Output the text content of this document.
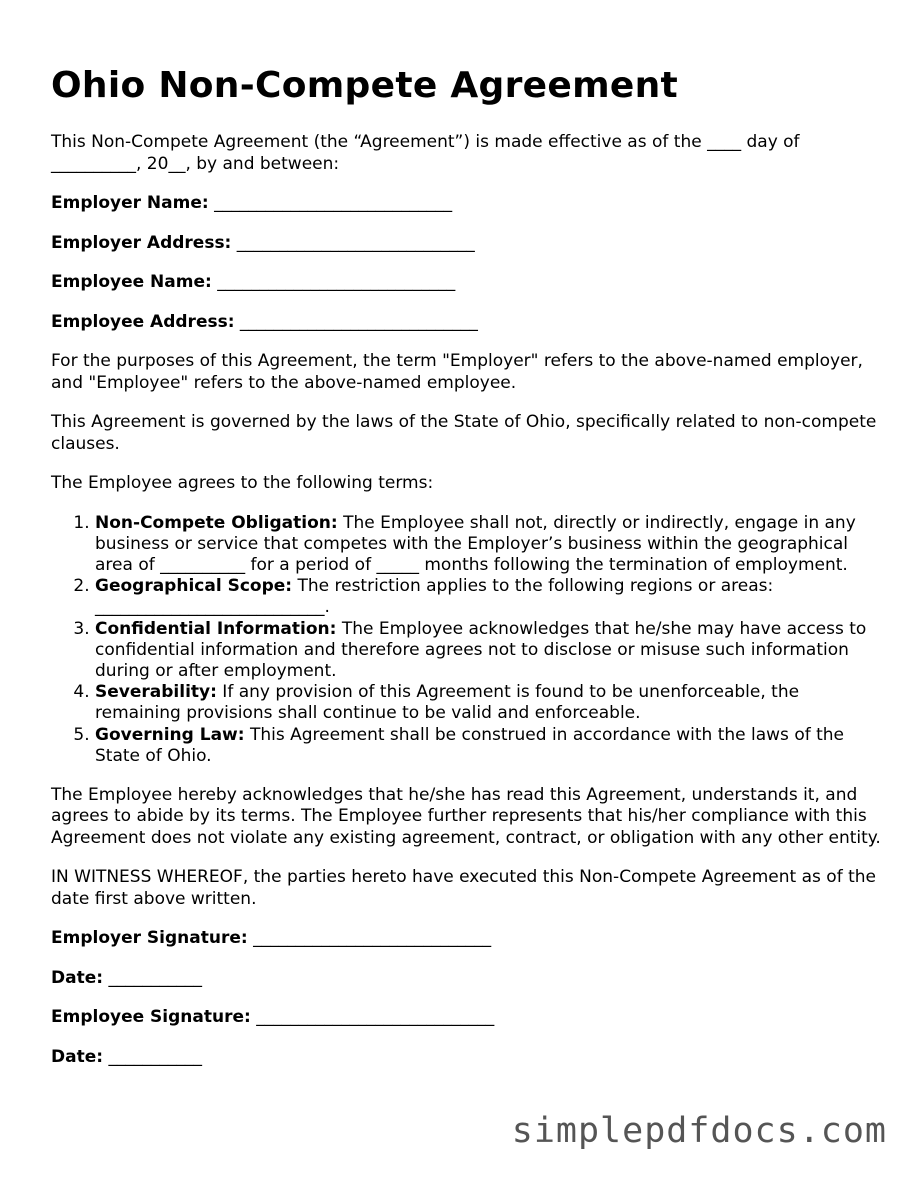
Ohio Non-Compete Agreement

This Non-Compete Agreement (the “Agreement”) is made effective as of the ____ day of __________, 20__, by and between:

Employer Name: ____________________________
Employer Address: ____________________________
Employee Name: ____________________________
Employee Address: ____________________________

For the purposes of this Agreement, the term "Employer" refers to the above-named employer, and "Employee" refers to the above-named employee.

This Agreement is governed by the laws of the State of Ohio, specifically related to non-compete clauses.

The Employee agrees to the following terms:

1. Non-Compete Obligation: The Employee shall not, directly or indirectly, engage in any business or service that competes with the Employer’s business within the geographical area of __________ for a period of _____ months following the termination of employment.
2. Geographical Scope: The restriction applies to the following regions or areas: ___________________________.
3. Confidential Information: The Employee acknowledges that he/she may have access to confidential information and therefore agrees not to disclose or misuse such information during or after employment.
4. Severability: If any provision of this Agreement is found to be unenforceable, the remaining provisions shall continue to be valid and enforceable.
5. Governing Law: This Agreement shall be construed in accordance with the laws of the State of Ohio.

The Employee hereby acknowledges that he/she has read this Agreement, understands it, and agrees to abide by its terms. The Employee further represents that his/her compliance with this Agreement does not violate any existing agreement, contract, or obligation with any other entity.

IN WITNESS WHEREOF, the parties hereto have executed this Non-Compete Agreement as of the date first above written.

Employer Signature: ____________________________
Date: ___________
Employee Signature: ____________________________
Date: ___________
simplepdfdocs.com
